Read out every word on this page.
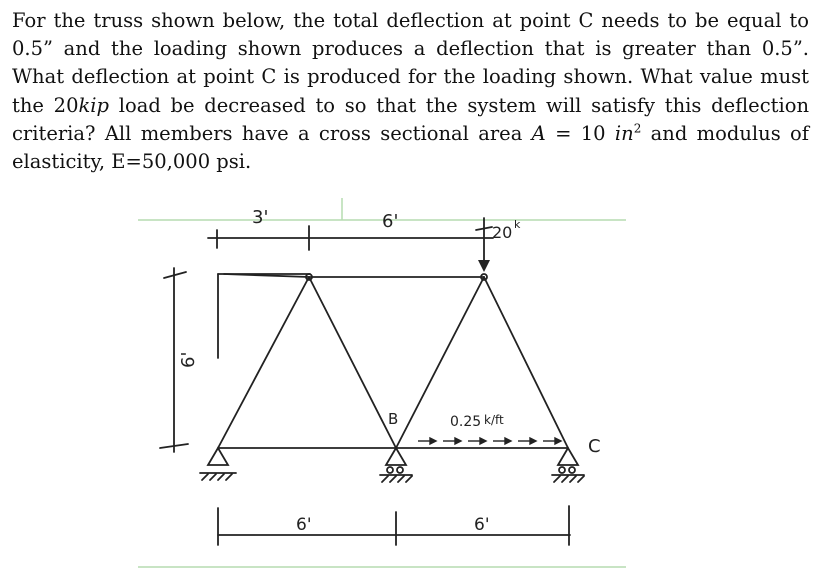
For the truss shown below, the total deflection at point C needs to be equal to 0.5” and the loading shown produces a deflection that is greater than 0.5”. What deflection at point C is produced for the loading shown. What value must the 20kip load be decreased to so that the system will satisfy this deflection criteria? All members have a cross sectional area A = 10 $in^2$ and modulus of elasticity, E=50,000 psi.

3'	6'
6'
20 k
B
C
0.25 k/ft
6'	6'
